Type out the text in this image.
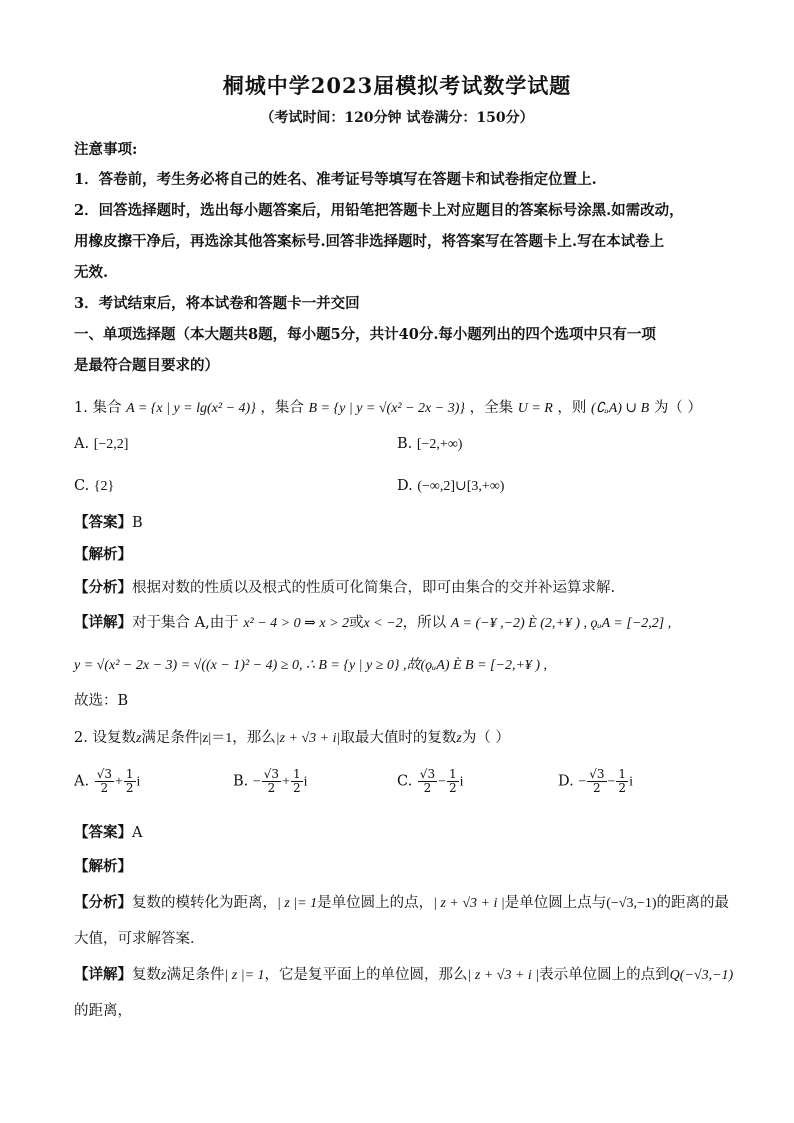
桐城中学2023届模拟考试数学试题
（考试时间：120分钟 试卷满分：150分）
注意事项:
1．答卷前，考生务必将自己的姓名、准考证号等填写在答题卡和试卷指定位置上.
2．回答选择题时，选出每小题答案后，用铅笔把答题卡上对应题目的答案标号涂黑.如需改动，
用橡皮擦干净后，再选涂其他答案标号.回答非选择题时，将答案写在答题卡上.写在本试卷上
无效.
3．考试结束后，将本试卷和答题卡一并交回
一、单项选择题（本大题共8题，每小题5分，共计40分.每小题列出的四个选项中只有一项
是最符合题目要求的）
1. 集合 A = {x | y = lg(x² − 4)} ，集合 B = {y | y = √(x² − 2x − 3)} ，全集 U = R ，则 (∁ᵤA) ∪ B 为（ ）
A. [−2,2]	B. [−2,+∞)
C. {2}	D. (−∞,2]∪[3,+∞)
【答案】B
【解析】
【分析】根据对数的性质以及根式的性质可化简集合，即可由集合的交并补运算求解.
【详解】对于集合 A,由于 x² − 4 > 0 ⇒ x > 2或x < −2，所以 A = (−¥ ,−2) È (2,+¥ ) , ǫᵤA = [−2,2] ,
y = √(x² − 2x − 3) = √((x − 1)² − 4) ≥ 0, ∴ B = {y | y ≥ 0} ,故(ǫᵤA) È B = [−2,+¥ ) ,
故选：B
2. 设复数z满足条件|z|＝1，那么|z + √3 + i|取最大值时的复数z为（ ）
A. $\frac{√3}{2} + \frac{1}{2}$ i	B. − $\frac{√3}{2} + \frac{1}{2}$ i	C. $\frac{√3}{2} - \frac{1}{2}$ i	D. − $\frac{√3}{2} - \frac{1}{2}$ i
【答案】A
【解析】
【分析】复数的模转化为距离，| z |= 1是单位圆上的点，| z + √3 + i |是单位圆上点与(−√3,−1)的距离的最
大值，可求解答案．
【详解】复数z满足条件| z |= 1，它是复平面上的单位圆，那么| z + √3 + i |表示单位圆上的点到Q(−√3,−1)
的距离，
